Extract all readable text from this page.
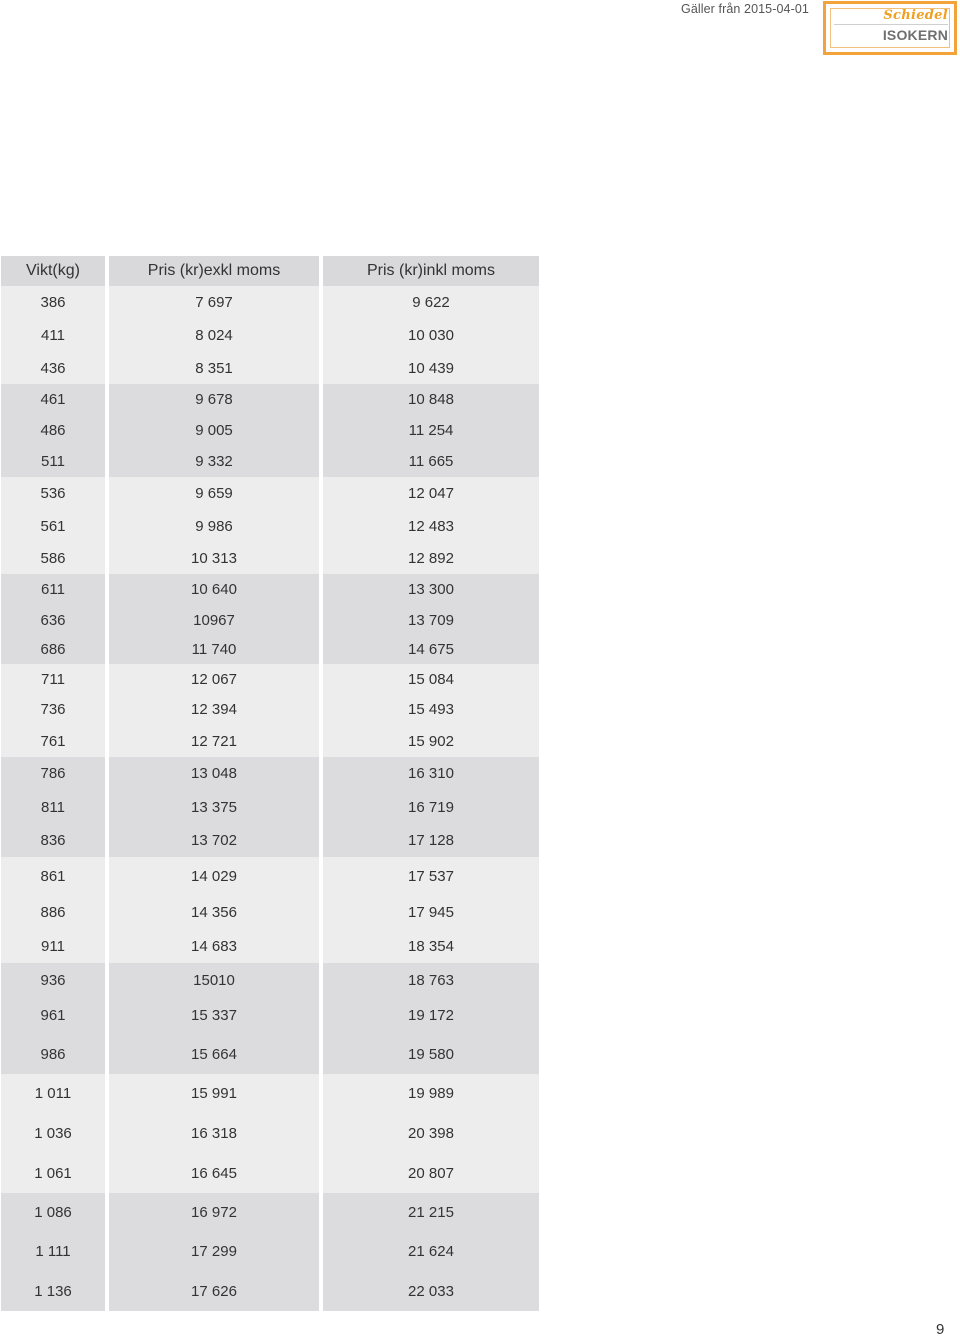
Gäller från 2015-04-01	Schiedel
ISOKERN
Vikt(kg)		Pris (kr)exkl moms		Pris (kr)inkl moms
386		7 697		9 622
411		8 024		10 030
436		8 351		10 439
461		9 678		10 848
486		9 005		11 254
511		9 332		11 665
536		9 659		12 047
561		9 986		12 483
586		10 313		12 892
611		10 640		13 300
636		10967		13 709
686		11 740		14 675
711		12 067		15 084
736		12 394		15 493
761		12 721		15 902
786		13 048		16 310
811		13 375		16 719
836		13 702		17 128
861		14 029		17 537
886		14 356		17 945
911		14 683		18 354
936		15010		18 763
961		15 337		19 172
986		15 664		19 580
1 011		15 991		19 989
1 036		16 318		20 398
1 061		16 645		20 807
1 086		16 972		21 215
1 111		17 299		21 624
1 136		17 626		22 033
9
